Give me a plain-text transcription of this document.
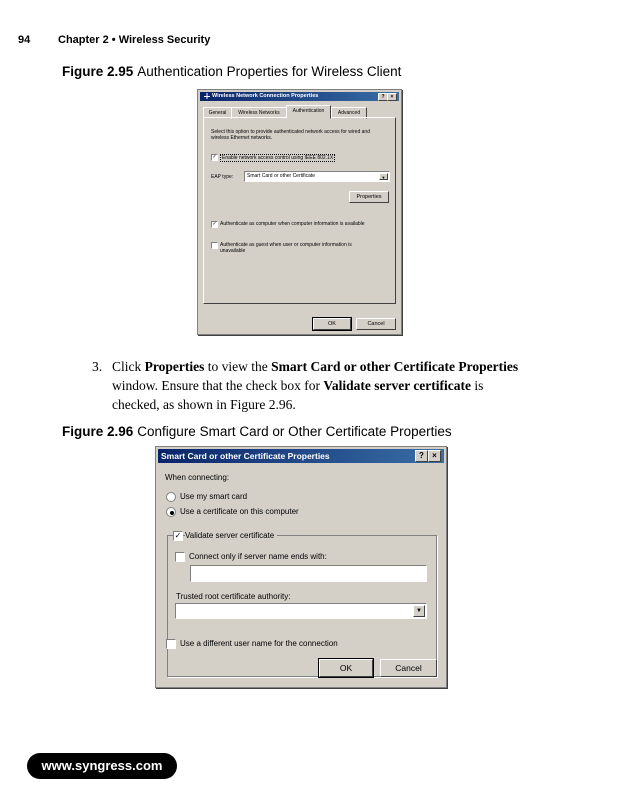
94	Chapter 2 • Wireless Security
Figure 2.95 Authentication Properties for Wireless Client
Wireless Network Connection Properties	?	×
General	Wireless Networks	Authentication	Advanced
Select this option to provide authenticated network access for wired and wireless Ethernet networks.
✓	Enable network access control using IEEE 802.1X
EAP type:	Smart Card or other Certificate	▼
Properties
✓ Authenticate as computer when computer information is available
Authenticate as guest when user or computer information is unavailable
OK	Cancel
3. Click Properties to view the Smart Card or other Certificate Properties window. Ensure that the check box for Validate server certificate is checked, as shown in Figure 2.96.
Figure 2.96 Configure Smart Card or Other Certificate Properties
Smart Card or other Certificate Properties	?	×
When connecting:
Use my smart card
Use a certificate on this computer
✓ Validate server certificate
Connect only if server name ends with:
Trusted root certificate authority:
▼
Use a different user name for the connection
OK	Cancel
www.syngress.com
